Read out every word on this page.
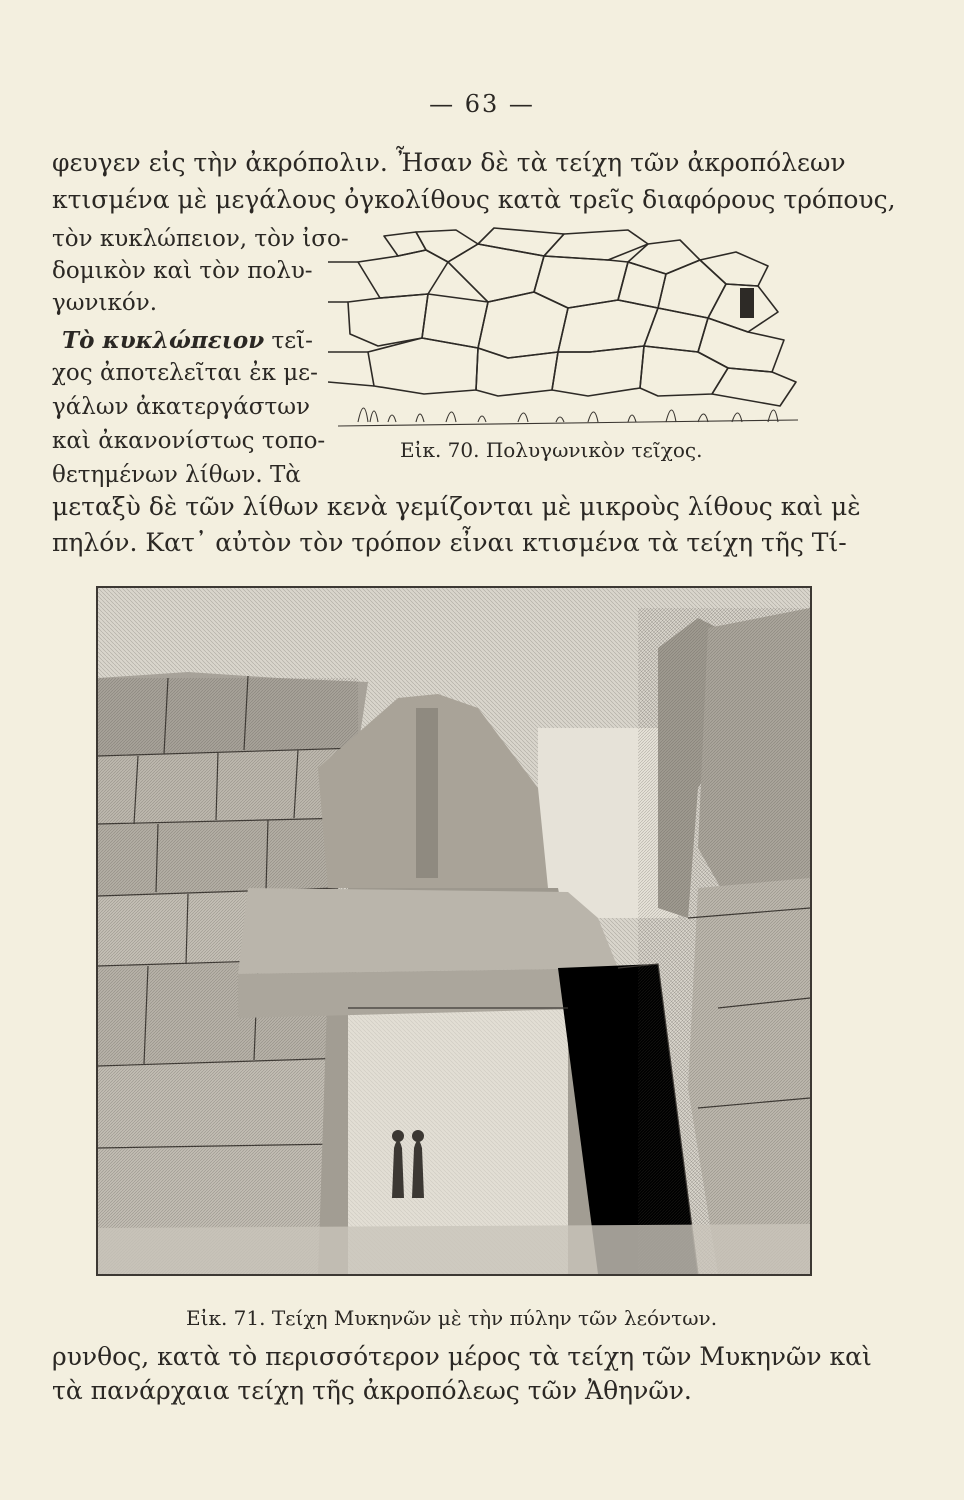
— 63 —
φευγεν εἰς τὴν ἀκρόπολιν. Ἦσαν δὲ τὰ τείχη τῶν ἀκροπόλεων
κτισμένα μὲ μεγάλους ὀγκολίθους κατὰ τρεῖς διαφόρους τρόπους,
τὸν κυκλώπειον, τὸν ἰσο-
δομικὸν καὶ τὸν πολυ-
γωνικόν.
Τὸ κυκλώπειον τεῖ-
χος ἀποτελεῖται ἐκ με-
γάλων ἀκατεργάστων
καὶ ἀκανονίστως τοπο-
θετημένων λίθων. Τὰ
μεταξὺ δὲ τῶν λίθων κενὰ γεμίζονται μὲ μικροὺς λίθους καὶ μὲ
πηλόν. Κατ᾽ αὐτὸν τὸν τρόπον εἶναι κτισμένα τὰ τείχη τῆς Τί-
Εἰκ. 70. Πολυγωνικὸν τεῖχος.
Εἰκ. 71. Τείχη Μυκηνῶν μὲ τὴν πύλην τῶν λεόντων.
ρυνθος, κατὰ τὸ περισσότερον μέρος τὰ τείχη τῶν Μυκηνῶν καὶ
τὰ πανάρχαια τείχη τῆς ἀκροπόλεως τῶν Ἀθηνῶν.
